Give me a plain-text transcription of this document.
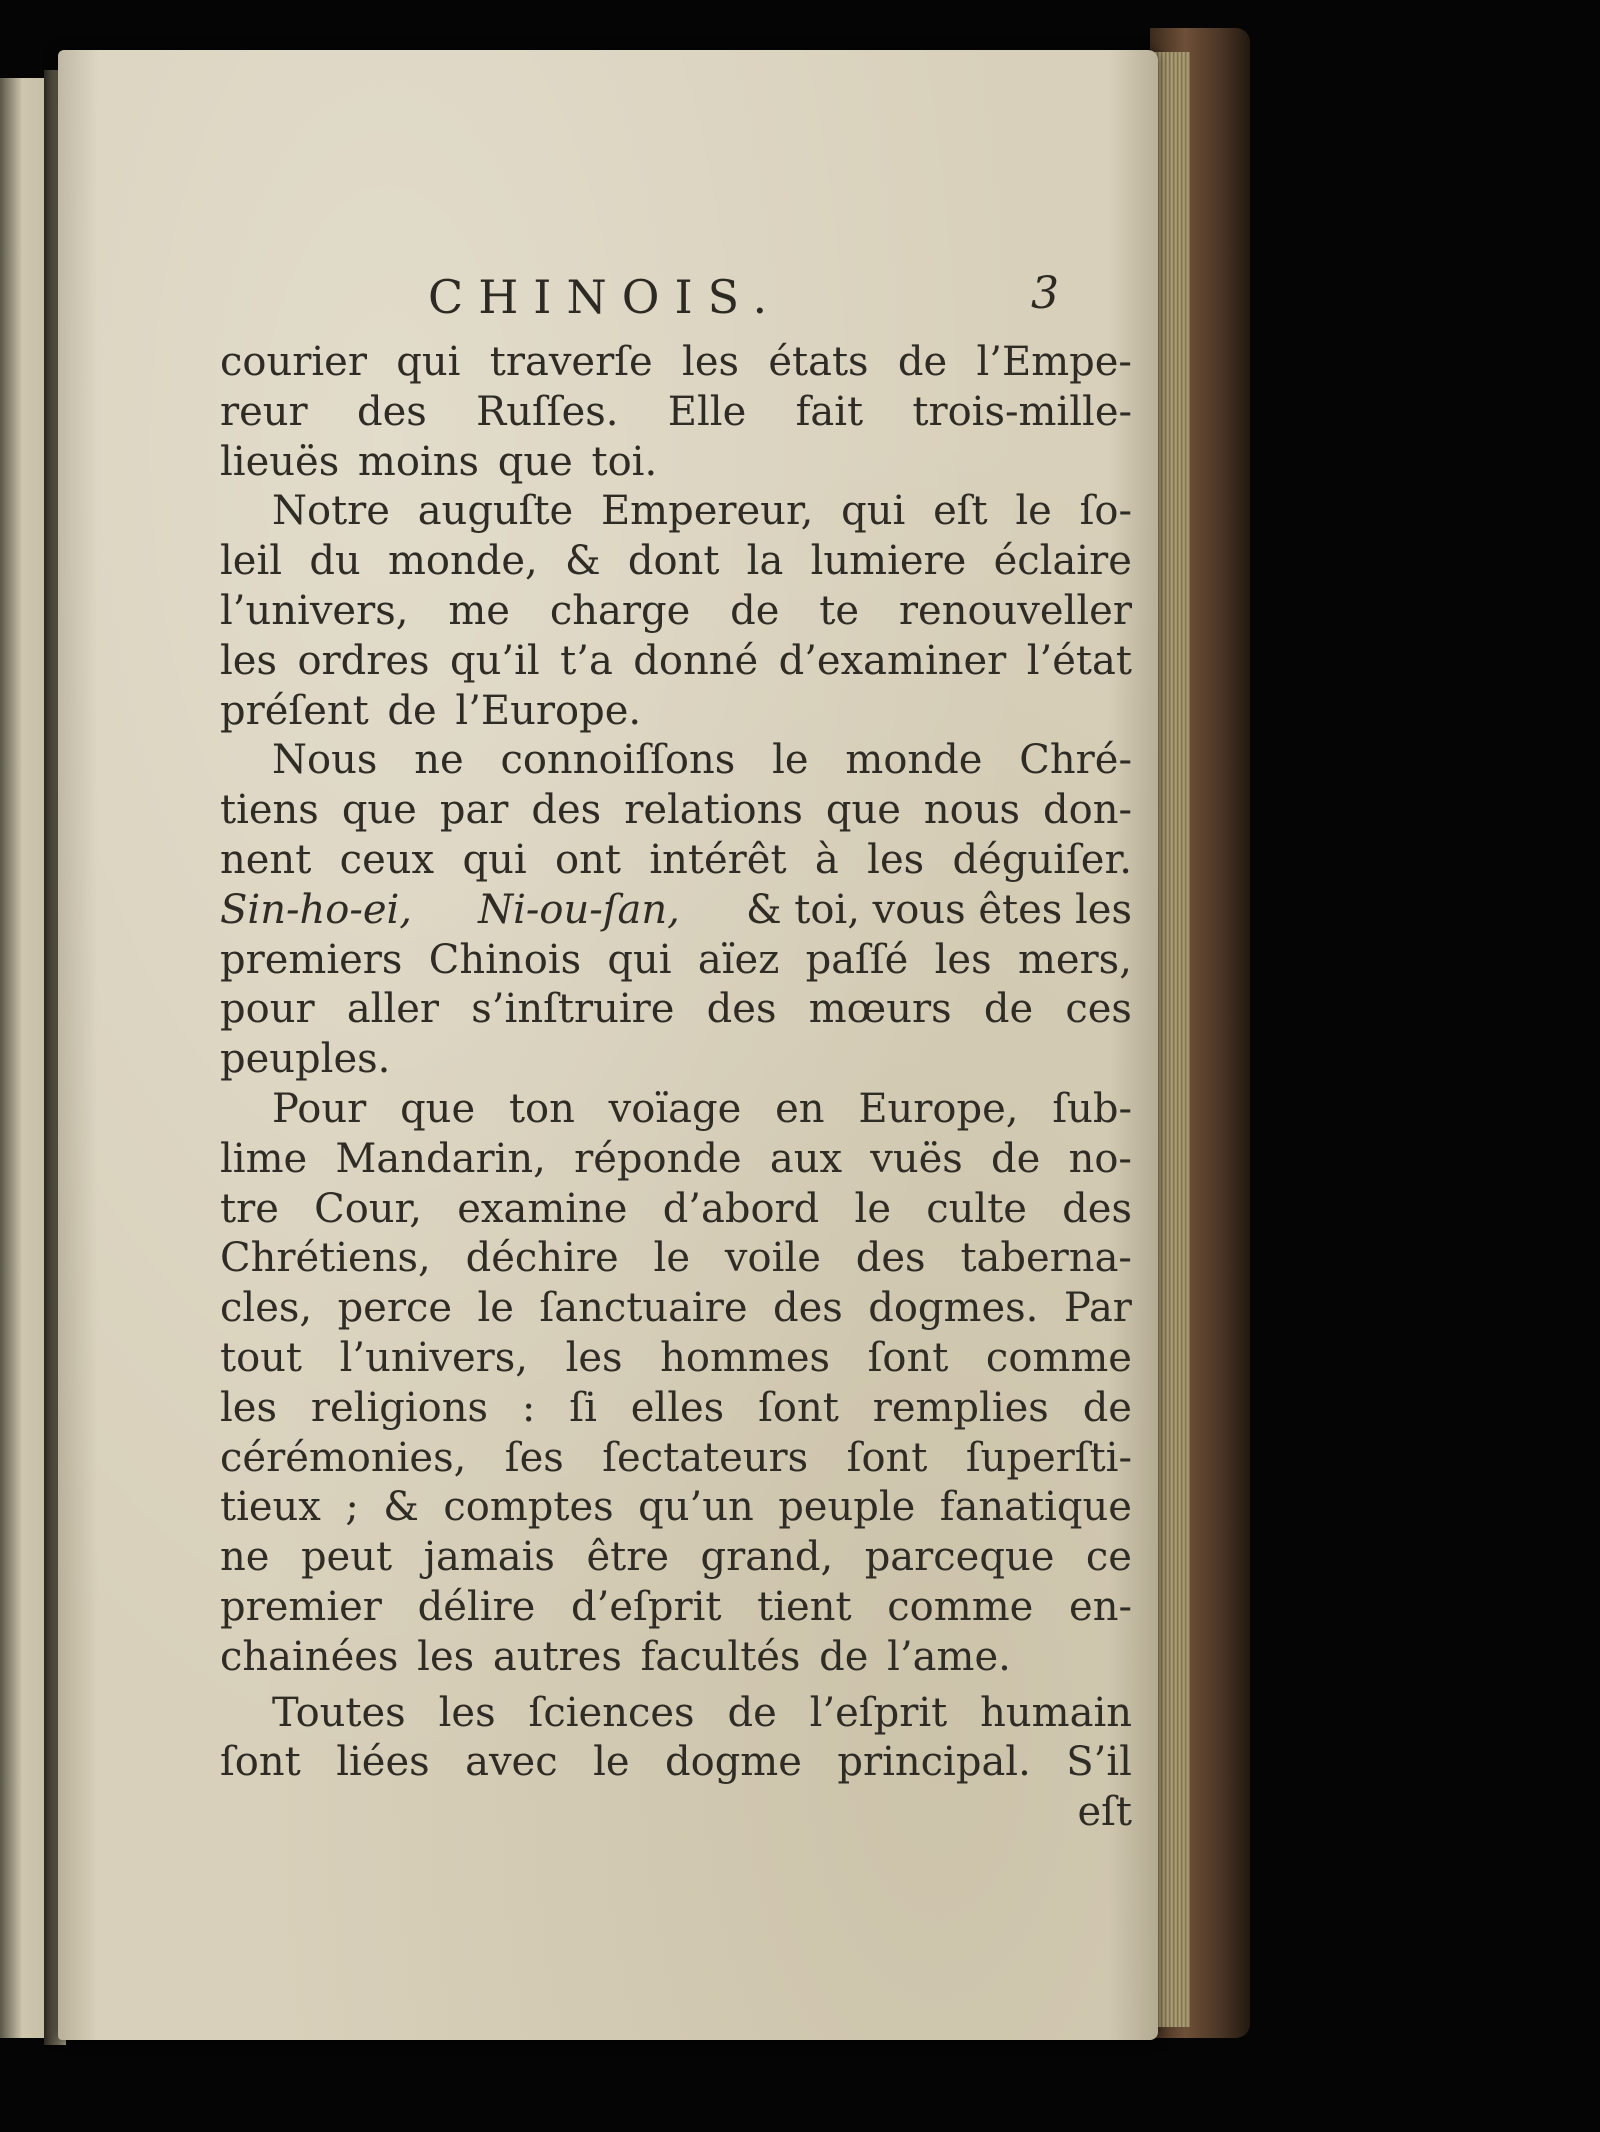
CHINOIS.	3
courier qui traverſe les états de l’Empe-
reur des Ruſſes. Elle fait trois-mille-
lieuës moins que toi.
Notre auguſte Empereur, qui eſt le ſo-
leil du monde, & dont la lumiere éclaire
l’univers, me charge de te renouveller
les ordres qu’il t’a donné d’examiner l’état
préſent de l’Europe.
Nous ne connoiſſons le monde Chré-
tiens que par des relations que nous don-
nent ceux qui ont intérêt à les déguiſer.
Sin-ho-ei, Ni-ou-ſan, & toi, vous êtes les
premiers Chinois qui aïez paſſé les mers,
pour aller s’inſtruire des mœurs de ces
peuples.
Pour que ton voïage en Europe, ſub-
lime Mandarin, réponde aux vuës de no-
tre Cour, examine d’abord le culte des
Chrétiens, déchire le voile des taberna-
cles, perce le ſanctuaire des dogmes. Par
tout l’univers, les hommes ſont comme
les religions : ſi elles ſont remplies de
cérémonies, ſes ſectateurs ſont ſuperſti-
tieux ; & comptes qu’un peuple fanatique
ne peut jamais être grand, parceque ce
premier délire d’eſprit tient comme en-
chainées les autres facultés de l’ame.
Toutes les ſciences de l’eſprit humain
ſont liées avec le dogme principal. S’il
eſt
